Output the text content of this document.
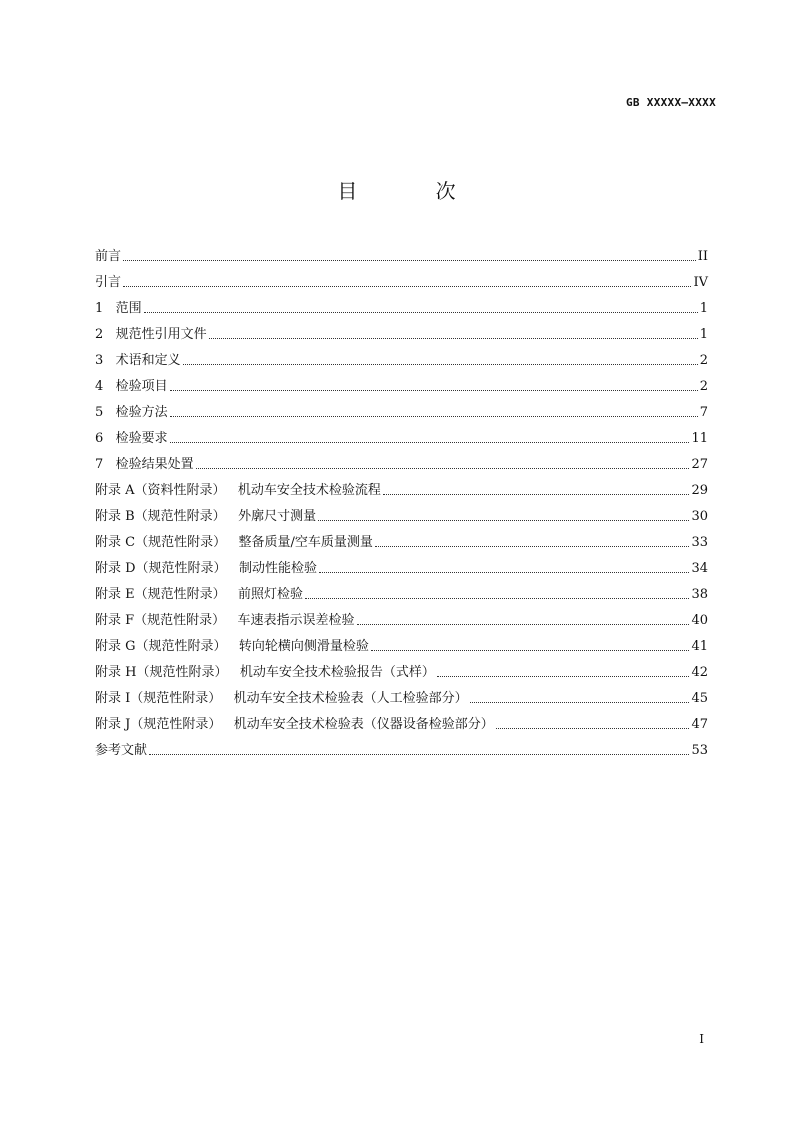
GB XXXXX—XXXX
目 次
前言	II
引言	IV
1   范围	1
2   规范性引用文件	1
3   术语和定义	2
4   检验项目	2
5   检验方法	7
6   检验要求	11
7   检验结果处置	27
附录 A（资料性附录）   机动车安全技术检验流程	29
附录 B（规范性附录）   外廓尺寸测量	30
附录 C（规范性附录）   整备质量/空车质量测量	33
附录 D（规范性附录）   制动性能检验	34
附录 E（规范性附录）   前照灯检验	38
附录 F（规范性附录）   车速表指示误差检验	40
附录 G（规范性附录）   转向轮横向侧滑量检验	41
附录 H（规范性附录）   机动车安全技术检验报告（式样）	42
附录 I（规范性附录）   机动车安全技术检验表（人工检验部分）	45
附录 J（规范性附录）   机动车安全技术检验表（仪器设备检验部分）	47
参考文献	53
I
